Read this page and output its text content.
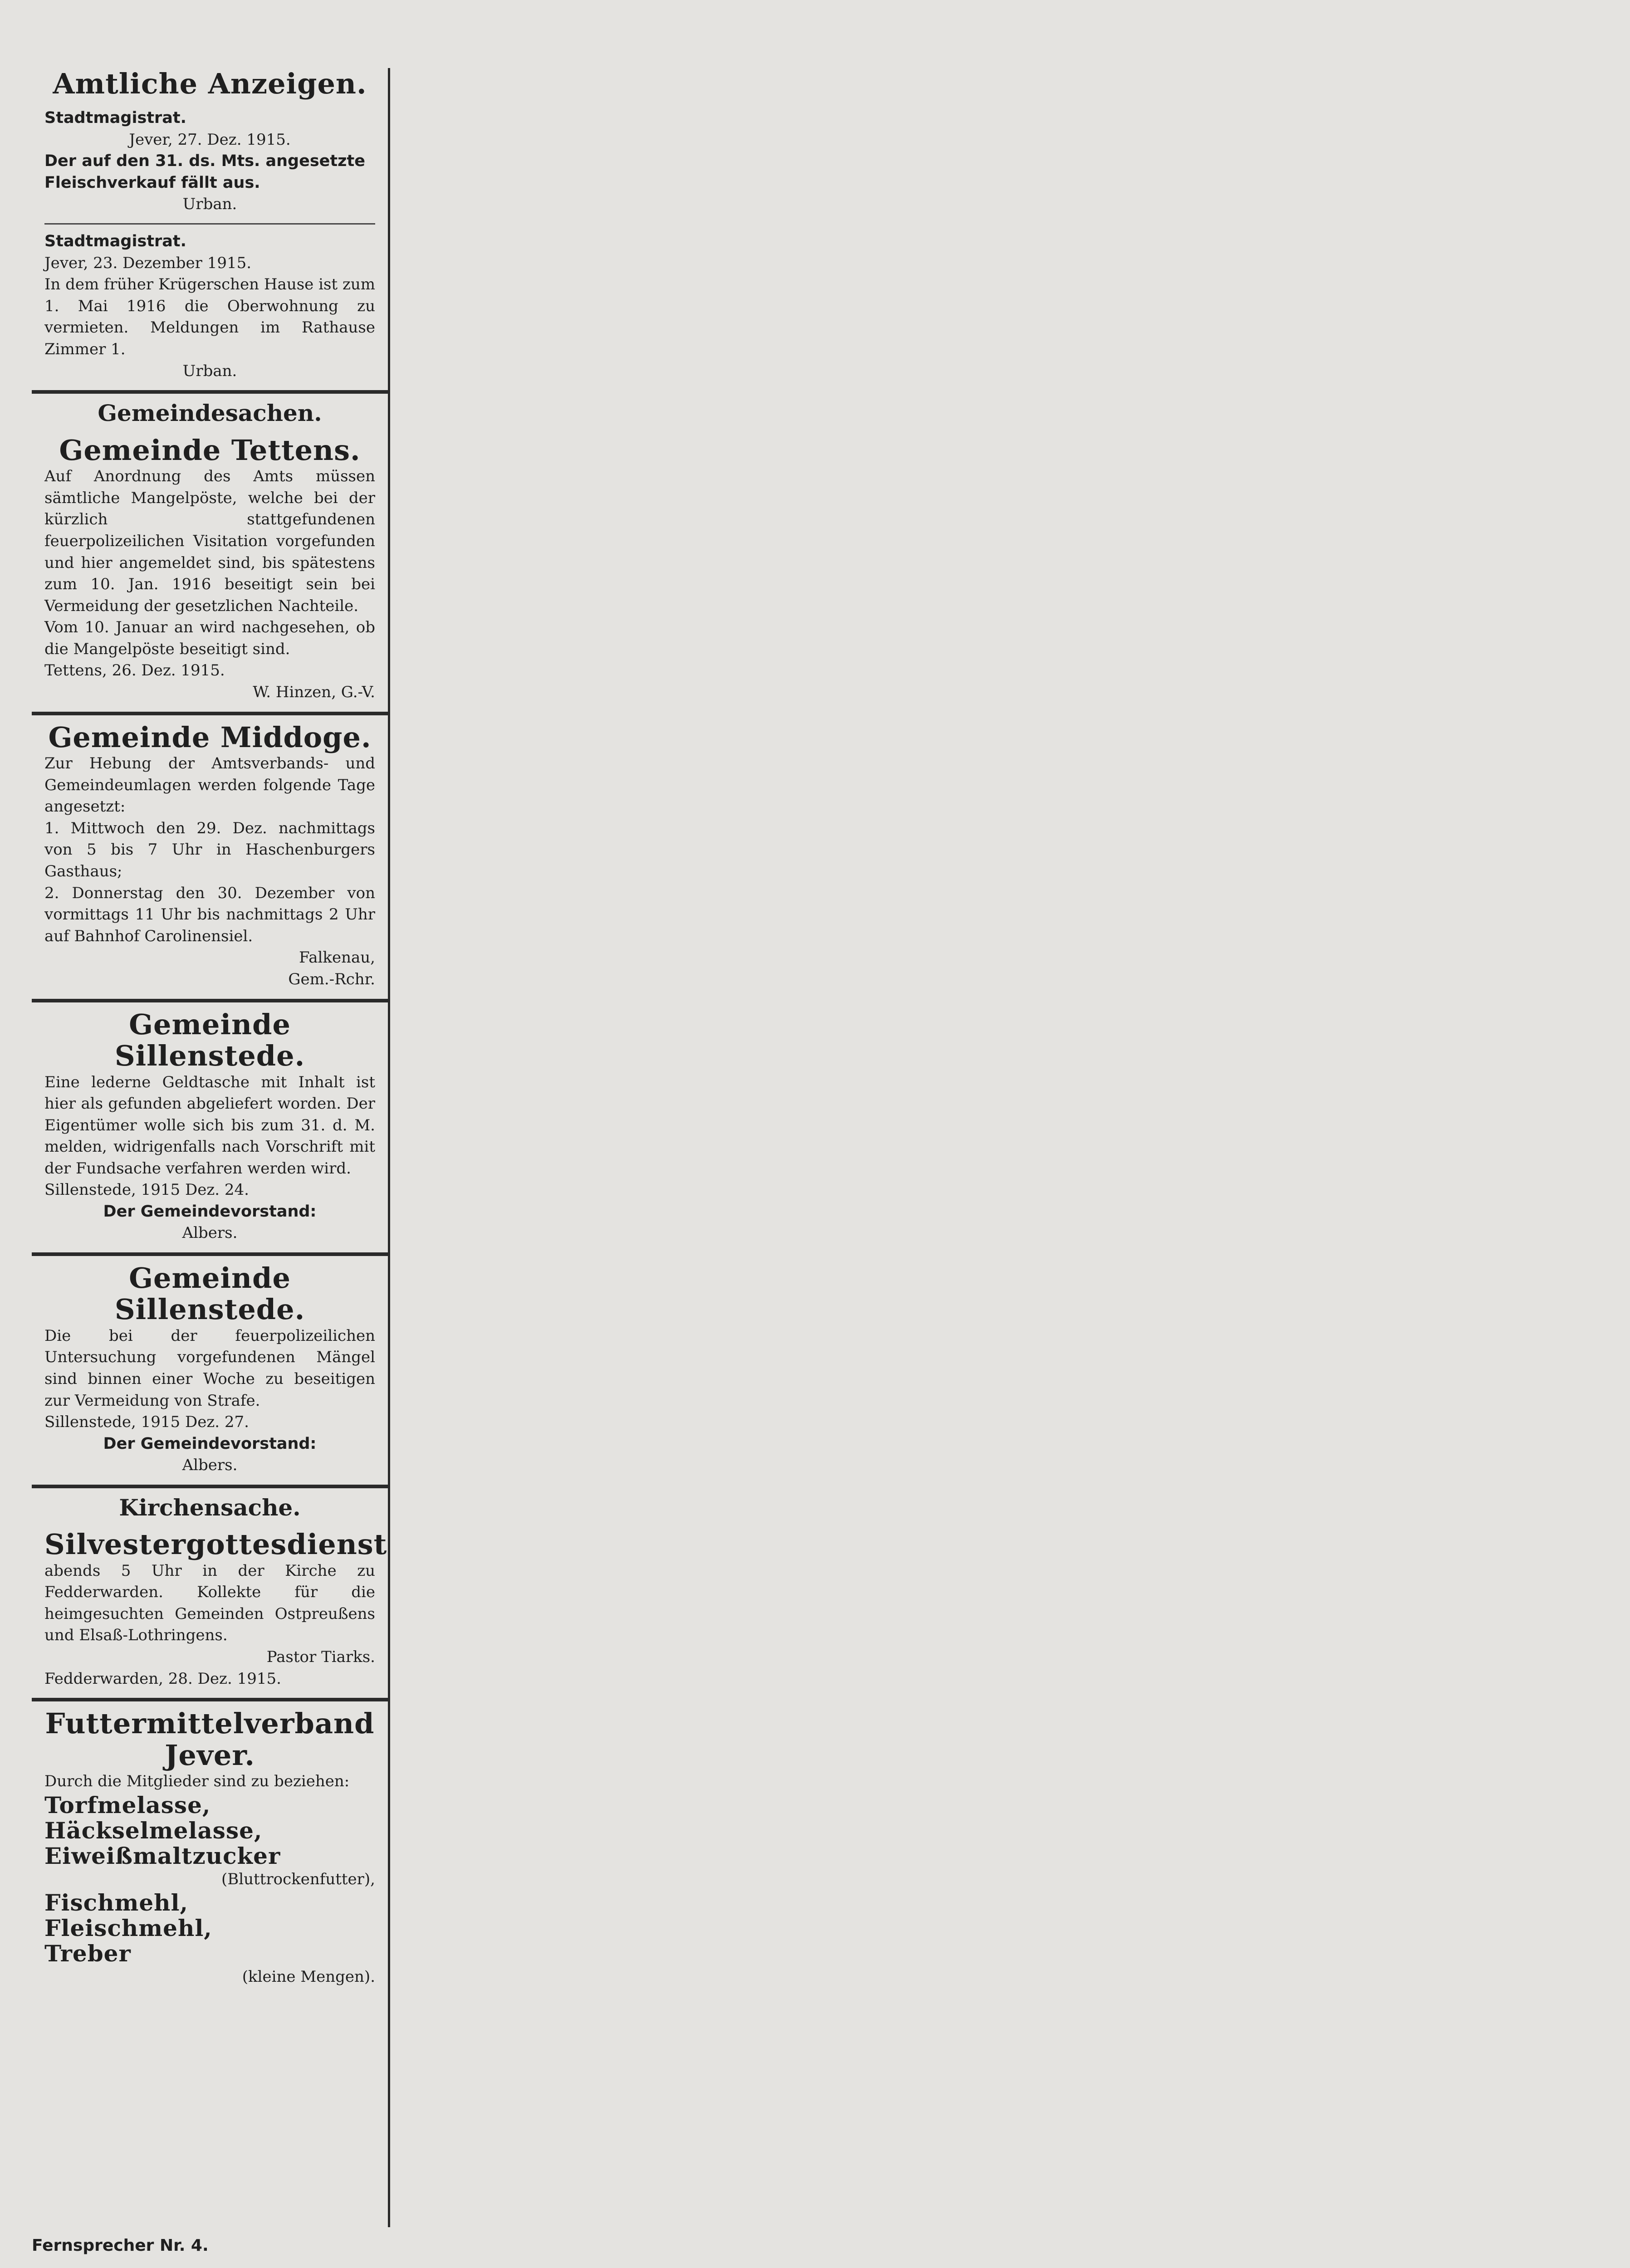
Amtliche Anzeigen.
Stadtmagistrat.
Jever, 27. Dez. 1915.
Der auf den 31. ds. Mts. angesetzte Fleischverkauf fällt aus.
Urban.
Stadtmagistrat.
Jever, 23. Dezember 1915.
In dem früher Krügerschen Hause ist zum 1. Mai 1916 die Oberwohnung zu vermieten. Meldungen im Rathause Zimmer 1.
Urban.
Gemeindesachen.
Gemeinde Tettens.
Auf Anordnung des Amts müssen sämtliche Mangelpöste, welche bei der kürzlich stattgefundenen feuerpolizeilichen Visitation vorgefunden und hier angemeldet sind, bis spätestens zum 10. Jan. 1916 beseitigt sein bei Vermeidung der gesetzlichen Nachteile.
Vom 10. Januar an wird nachgesehen, ob die Mangelpöste beseitigt sind.
Tettens, 26. Dez. 1915.
W. Hinzen, G.-V.
Gemeinde Middoge.
Zur Hebung der Amtsverbands- und Gemeindeumlagen werden folgende Tage angesetzt:
1. Mittwoch den 29. Dez. nachmittags von 5 bis 7 Uhr in Haschenburgers Gasthaus;
2. Donnerstag den 30. Dezember von vormittags 11 Uhr bis nachmittags 2 Uhr auf Bahnhof Carolinensiel.
Falkenau,
Gem.-Rchr.
Gemeinde Sillenstede.
Eine lederne Geldtasche mit Inhalt ist hier als gefunden abgeliefert worden. Der Eigentümer wolle sich bis zum 31. d. M. melden, widrigenfalls nach Vorschrift mit der Fundsache verfahren werden wird.
Sillenstede, 1915 Dez. 24.
Der Gemeindevorstand:
Albers.
Gemeinde Sillenstede.
Die bei der feuerpolizeilichen Untersuchung vorgefundenen Mängel sind binnen einer Woche zu beseitigen zur Vermeidung von Strafe.
Sillenstede, 1915 Dez. 27.
Der Gemeindevorstand:
Albers.
Kirchensache.
Silvestergottesdienst
abends 5 Uhr in der Kirche zu Fedderwarden. Kollekte für die heimgesuchten Gemeinden Ostpreußens und Elsaß-Lothringens.
Pastor Tiarks.
Fedderwarden, 28. Dez. 1915.
Futtermittelverband
Jever.
Durch die Mitglieder sind zu beziehen:
Torfmelasse,
Häckselmelasse,
Eiweißmaltzucker
(Bluttrockenfutter),
Fischmehl,
Fleischmehl,
Treber
(kleine Mengen).
Fernsprecher Nr. 4.
